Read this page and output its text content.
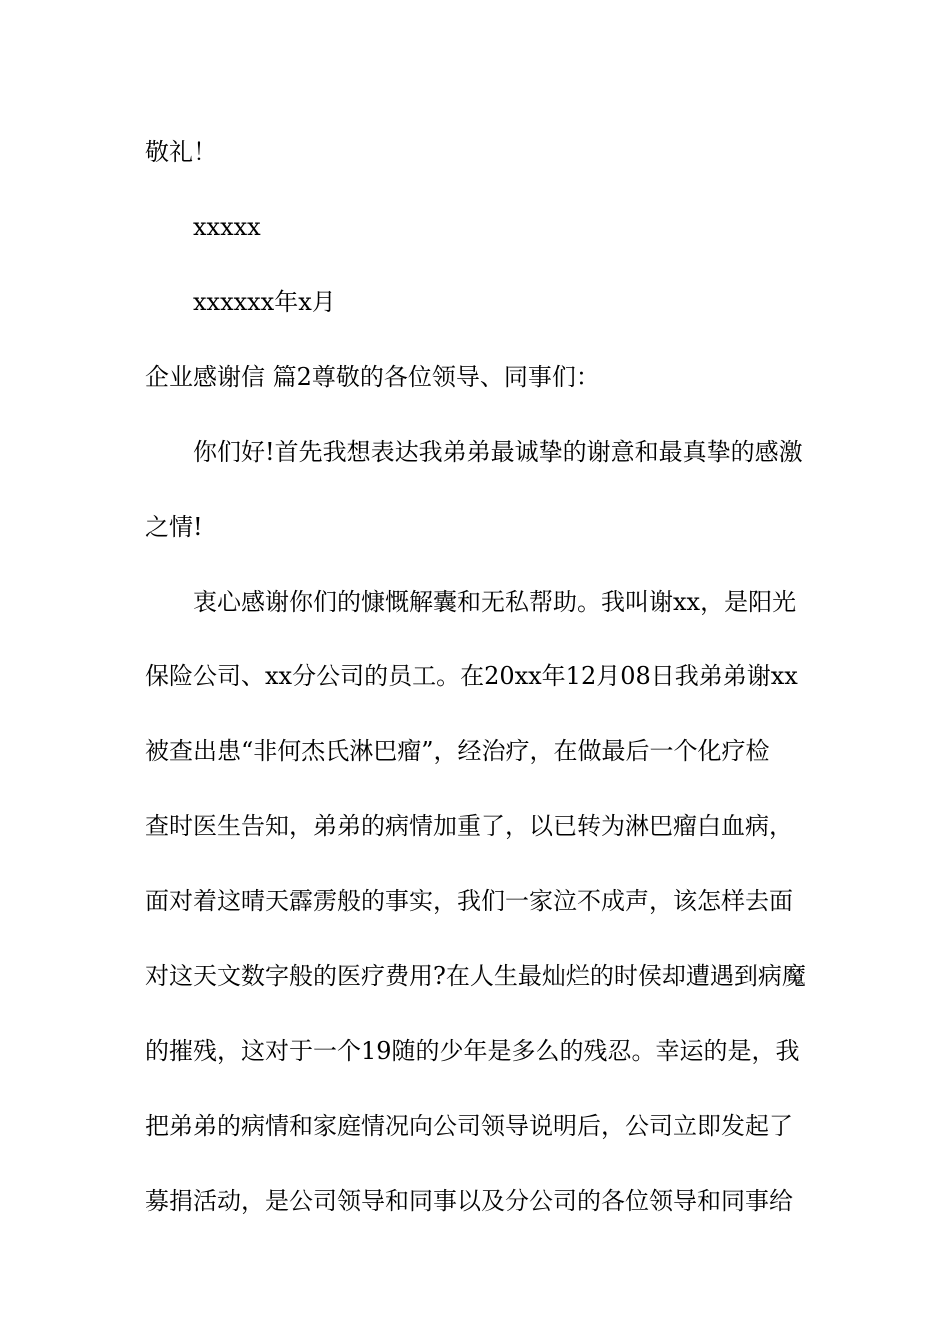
敬礼！
xxxxx
xxxxxx年x月
企业感谢信 篇2尊敬的各位领导、同事们：
你们好!首先我想表达我弟弟最诚挚的谢意和最真挚的感激
之情!
衷心感谢你们的慷慨解囊和无私帮助。我叫谢xx，是阳光
保险公司、xx分公司的员工。在20xx年12月08日我弟弟谢xx
被查出患“非何杰氏淋巴瘤”，经治疗，在做最后一个化疗检
查时医生告知，弟弟的病情加重了，以已转为淋巴瘤白血病，
面对着这晴天霹雳般的事实，我们一家泣不成声，该怎样去面
对这天文数字般的医疗费用?在人生最灿烂的时侯却遭遇到病魔
的摧残，这对于一个19随的少年是多么的残忍。幸运的是，我
把弟弟的病情和家庭情况向公司领导说明后，公司立即发起了
募捐活动，是公司领导和同事以及分公司的各位领导和同事给
